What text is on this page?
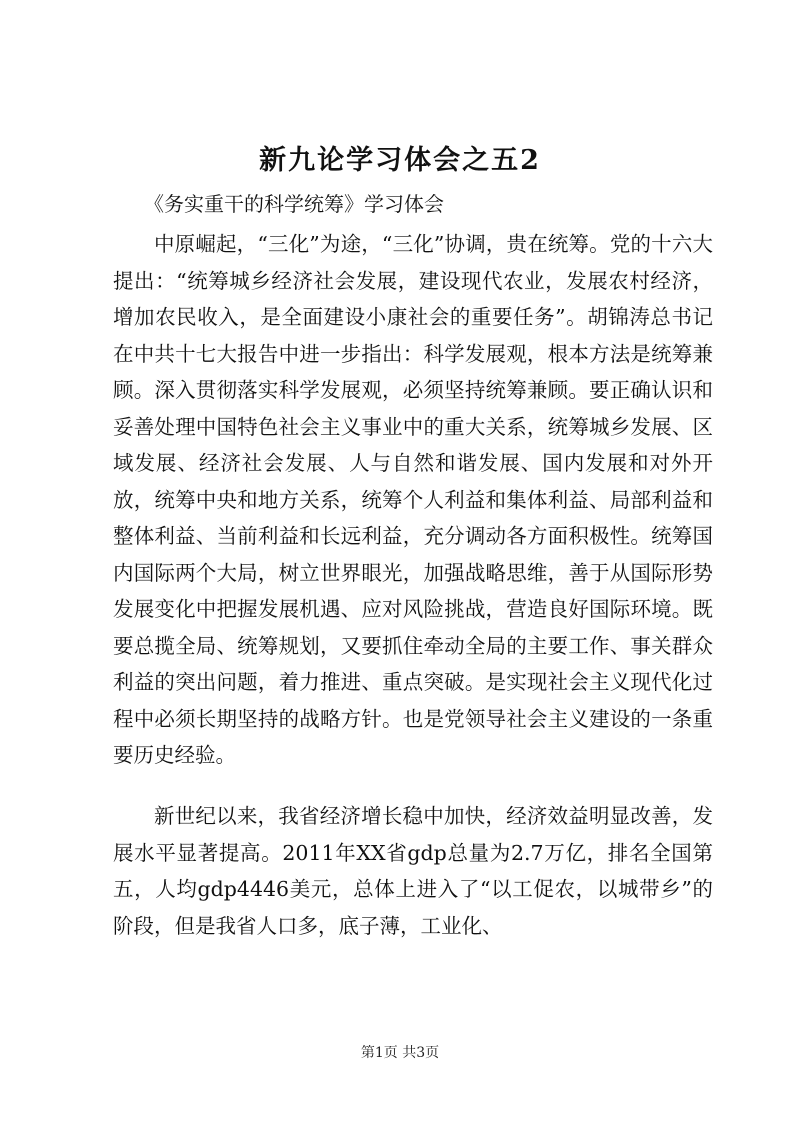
新九论学习体会之五2
《务实重干的科学统筹》学习体会
中原崛起，“三化”为途，“三化”协调，贵在统筹。党的十六大提出：“统筹城乡经济社会发展，建设现代农业，发展农村经济，增加农民收入，是全面建设小康社会的重要任务”。胡锦涛总书记在中共十七大报告中进一步指出：科学发展观，根本方法是统筹兼顾。深入贯彻落实科学发展观，必须坚持统筹兼顾。要正确认识和妥善处理中国特色社会主义事业中的重大关系，统筹城乡发展、区域发展、经济社会发展、人与自然和谐发展、国内发展和对外开放，统筹中央和地方关系，统筹个人利益和集体利益、局部利益和整体利益、当前利益和长远利益，充分调动各方面积极性。统筹国内国际两个大局，树立世界眼光，加强战略思维，善于从国际形势发展变化中把握发展机遇、应对风险挑战，营造良好国际环境。既要总揽全局、统筹规划，又要抓住牵动全局的主要工作、事关群众利益的突出问题，着力推进、重点突破。是实现社会主义现代化过程中必须长期坚持的战略方针。也是党领导社会主义建设的一条重要历史经验。
新世纪以来，我省经济增长稳中加快，经济效益明显改善，发展水平显著提高。2011年XX省gdp总量为2.7万亿，排名全国第五，人均gdp4446美元，总体上进入了“以工促农，以城带乡”的阶段，但是我省人口多，底子薄，工业化、
第1页 共3页
